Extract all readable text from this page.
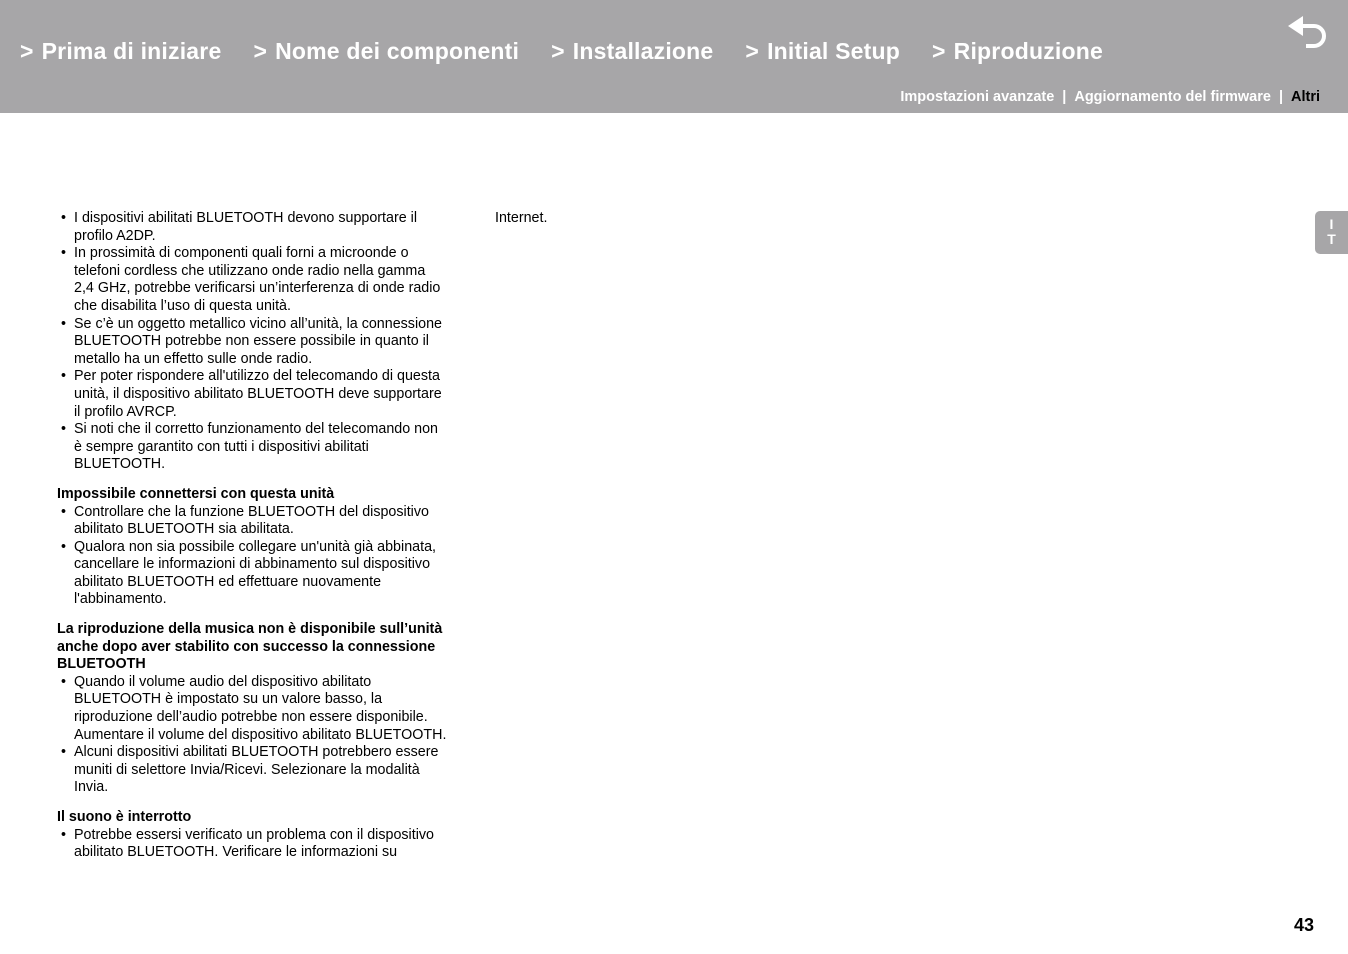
> Prima di iniziare > Nome dei componenti > Installazione > Initial Setup > Riproduzione
Impostazioni avanzate | Aggiornamento del firmware | Altri
I
T
• I dispositivi abilitati BLUETOOTH devono supportare il profilo A2DP.
• In prossimità di componenti quali forni a microonde o telefoni cordless che utilizzano onde radio nella gamma 2,4 GHz, potrebbe verificarsi un’interferenza di onde radio che disabilita l’uso di questa unità.
• Se c’è un oggetto metallico vicino all’unità, la connessione BLUETOOTH potrebbe non essere possibile in quanto il metallo ha un effetto sulle onde radio.
• Per poter rispondere all'utilizzo del telecomando di questa unità, il dispositivo abilitato BLUETOOTH deve supportare il profilo AVRCP.
• Si noti che il corretto funzionamento del telecomando non è sempre garantito con tutti i dispositivi abilitati BLUETOOTH.
Impossibile connettersi con questa unità
• Controllare che la funzione BLUETOOTH del dispositivo abilitato BLUETOOTH sia abilitata.
• Qualora non sia possibile collegare un'unità già abbinata, cancellare le informazioni di abbinamento sul dispositivo abilitato BLUETOOTH ed effettuare nuovamente l'abbinamento.
La riproduzione della musica non è disponibile sull’unità anche dopo aver stabilito con successo la connessione BLUETOOTH
• Quando il volume audio del dispositivo abilitato BLUETOOTH è impostato su un valore basso, la riproduzione dell’audio potrebbe non essere disponibile. Aumentare il volume del dispositivo abilitato BLUETOOTH.
• Alcuni dispositivi abilitati BLUETOOTH potrebbero essere muniti di selettore Invia/Ricevi. Selezionare la modalità Invia.
Il suono è interrotto
• Potrebbe essersi verificato un problema con il dispositivo abilitato BLUETOOTH. Verificare le informazioni su

Internet.

43
